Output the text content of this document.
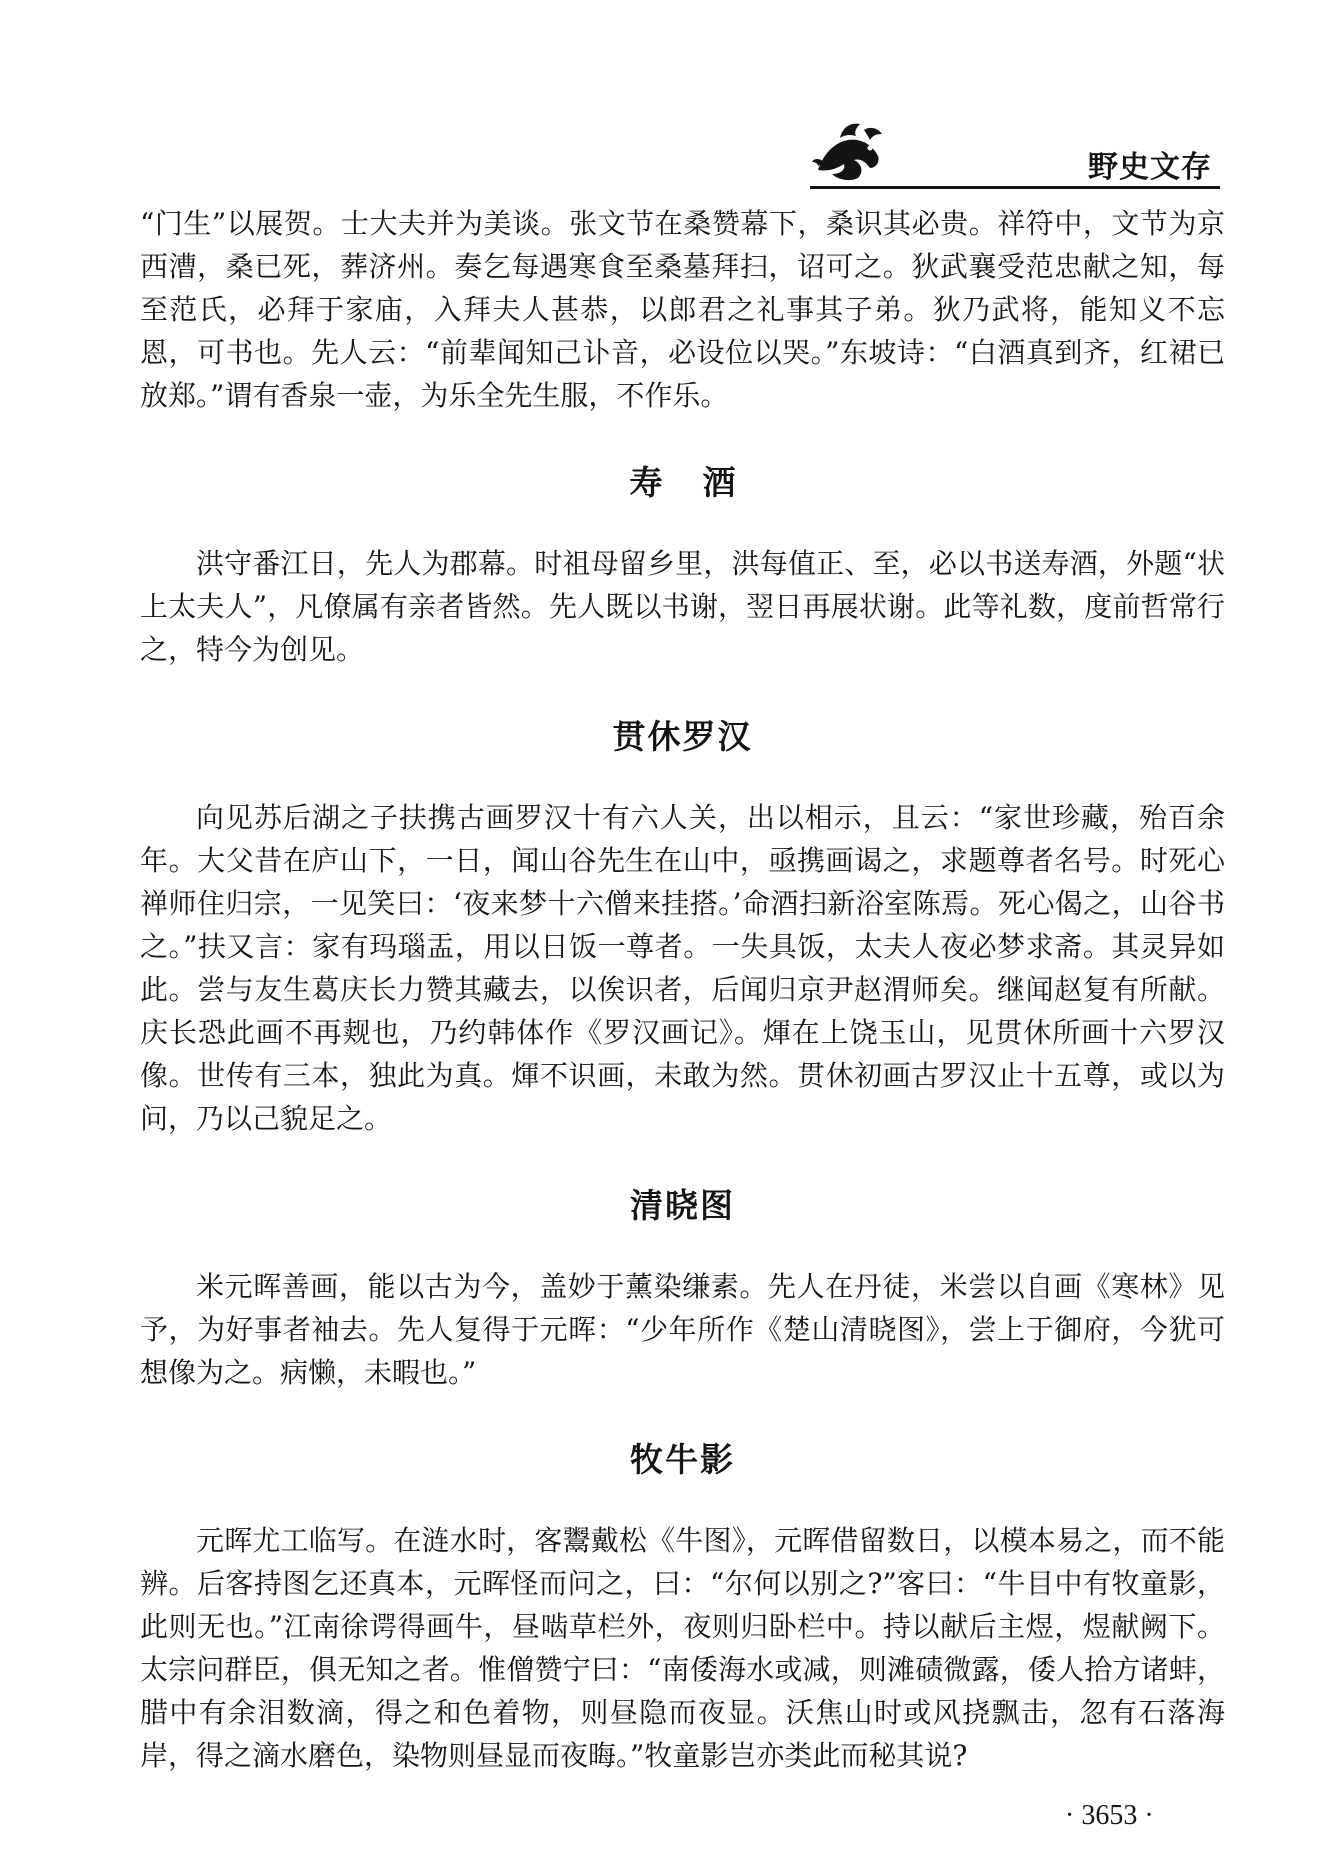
野史文存

“门生”以展贺。士大夫并为美谈。张文节在桑赞幕下，桑识其必贵。祥符中，文节为京西漕，桑已死，葬济州。奏乞每遇寒食至桑墓拜扫，诏可之。狄武襄受范忠献之知，每至范氏，必拜于家庙，入拜夫人甚恭，以郎君之礼事其子弟。狄乃武将，能知义不忘恩，可书也。先人云：“前辈闻知己讣音，必设位以哭。”东坡诗：“白酒真到齐，红裙已放郑。”谓有香泉一壶，为乐全先生服，不作乐。

寿酒

洪守番江日，先人为郡幕。时祖母留乡里，洪每值正、至，必以书送寿酒，外题“状上太夫人”，凡僚属有亲者皆然。先人既以书谢，翌日再展状谢。此等礼数，度前哲常行之，特今为创见。

贯休罗汉

向见苏后湖之子扶携古画罗汉十有六人关，出以相示，且云：“家世珍藏，殆百余年。大父昔在庐山下，一日，闻山谷先生在山中，亟携画谒之，求题尊者名号。时死心禅师住归宗，一见笑曰：‘夜来梦十六僧来挂搭。’命酒扫新浴室陈焉。死心偈之，山谷书之。”扶又言：家有玛瑙盂，用以日饭一尊者。一失具饭，太夫人夜必梦求斋。其灵异如此。尝与友生葛庆长力赞其藏去，以俟识者，后闻归京尹赵渭师矣。继闻赵复有所献。庆长恐此画不再觌也，乃约韩体作《罗汉画记》。煇在上饶玉山，见贯休所画十六罗汉像。世传有三本，独此为真。煇不识画，未敢为然。贯休初画古罗汉止十五尊，或以为问，乃以己貌足之。

清晓图

米元晖善画，能以古为今，盖妙于薰染缣素。先人在丹徒，米尝以自画《寒林》见予，为好事者袖去。先人复得于元晖：“少年所作《楚山清晓图》，尝上于御府，今犹可想像为之。病懒，未暇也。”

牧牛影

元晖尤工临写。在涟水时，客鬻戴松《牛图》，元晖借留数日，以模本易之，而不能辨。后客持图乞还真本，元晖怪而问之，曰：“尔何以别之?”客曰：“牛目中有牧童影，此则无也。”江南徐谔得画牛，昼啮草栏外，夜则归卧栏中。持以献后主煜，煜献阙下。太宗问群臣，俱无知之者。惟僧赞宁曰：“南倭海水或减，则滩碛微露，倭人拾方诸蚌，腊中有余泪数滴，得之和色着物，则昼隐而夜显。沃焦山时或风挠飘击，忽有石落海岸，得之滴水磨色，染物则昼显而夜晦。”牧童影岂亦类此而秘其说?

· 3653 ·
